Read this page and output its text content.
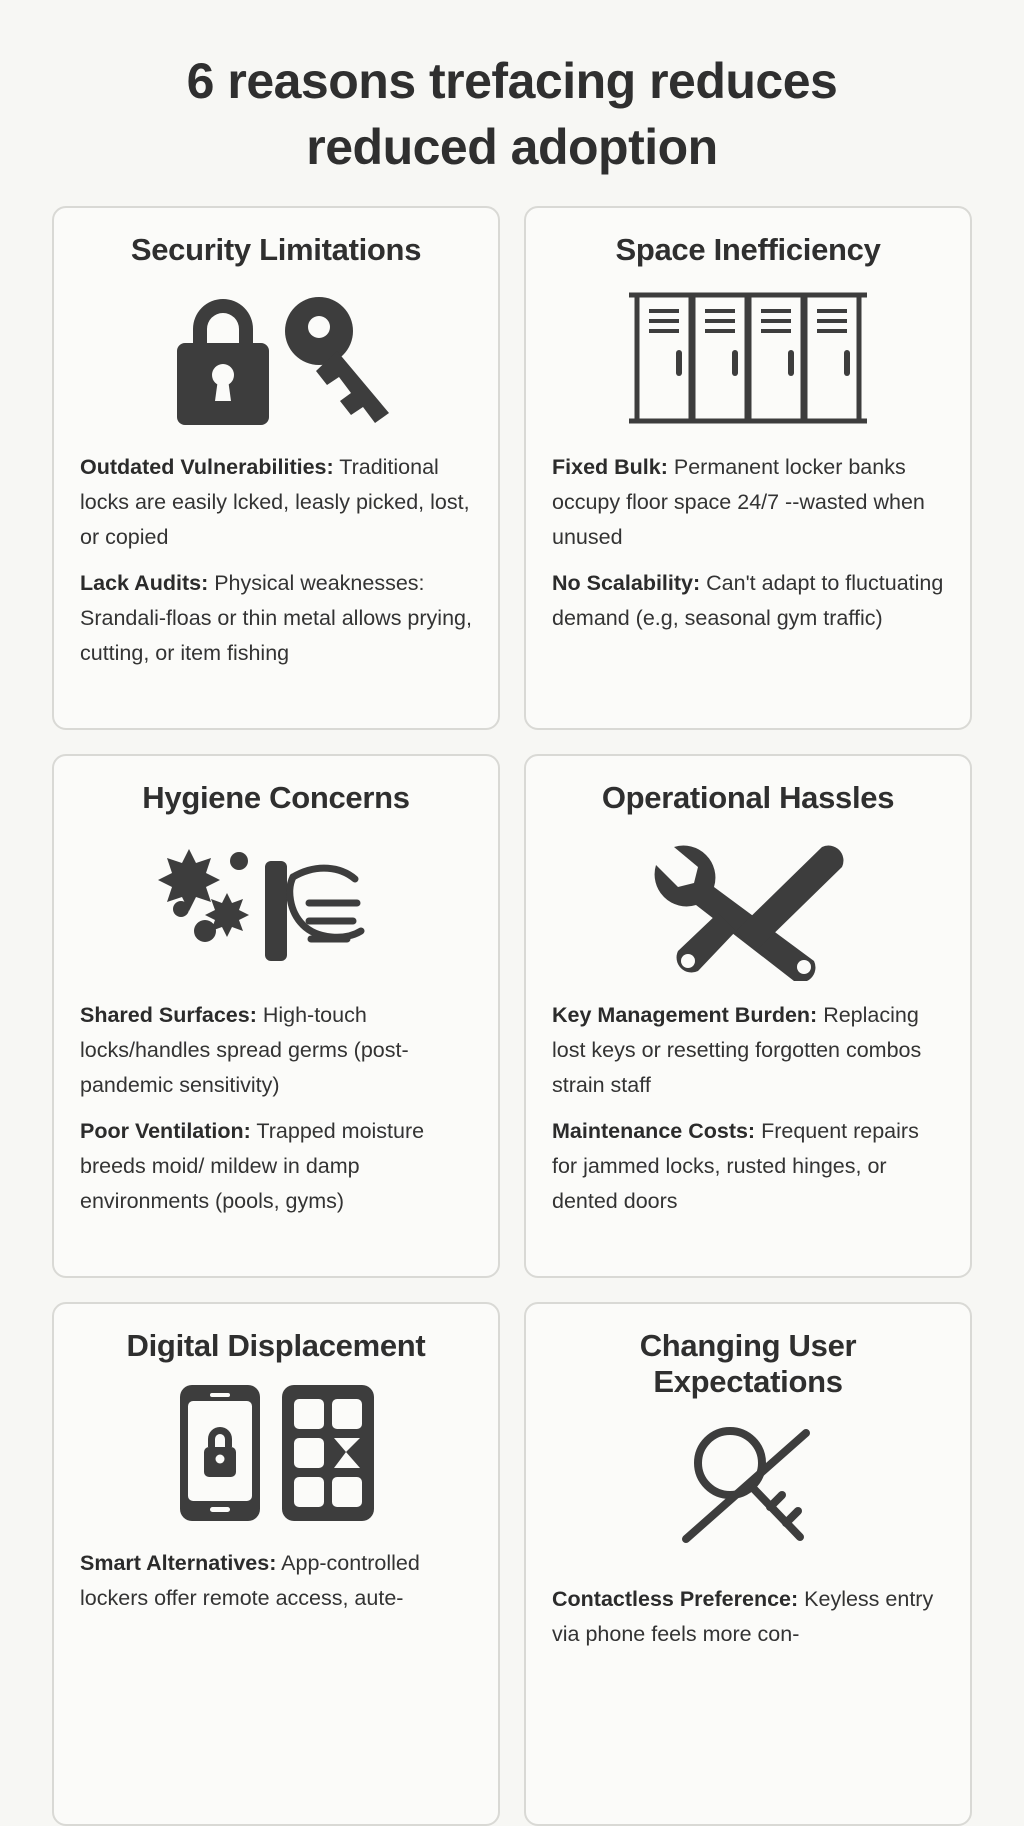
6 reasons trefacing reduces reduced adoption
Security Limitations

Outdated Vulnerabilities: Traditional locks are easily lcked, leasly picked, lost, or copied

Lack Audits: Physical weaknesses: Srandali-floas or thin metal allows prying, cutting, or item fishing

Space Inefficiency

Fixed Bulk: Permanent locker banks occupy floor space 24/7 --wasted when unused

No Scalability: Can't adapt to fluctuating demand (e.g, seasonal gym traffic)

Hygiene Concerns

Shared Surfaces: High-touch locks/handles spread germs (post-pandemic sensitivity)

Poor Ventilation: Trapped moisture breeds moid/ mildew in damp environments (pools, gyms)

Operational Hassles

Key Management Burden: Replacing lost keys or resetting forgotten combos strain staff

Maintenance Costs: Frequent repairs for jammed locks, rusted hinges, or dented doors

Digital Displacement

Smart Alternatives: App-controlled lockers offer remote access, aute-

Changing User Expectations

Contactless Preference: Keyless entry via phone feels more con-
